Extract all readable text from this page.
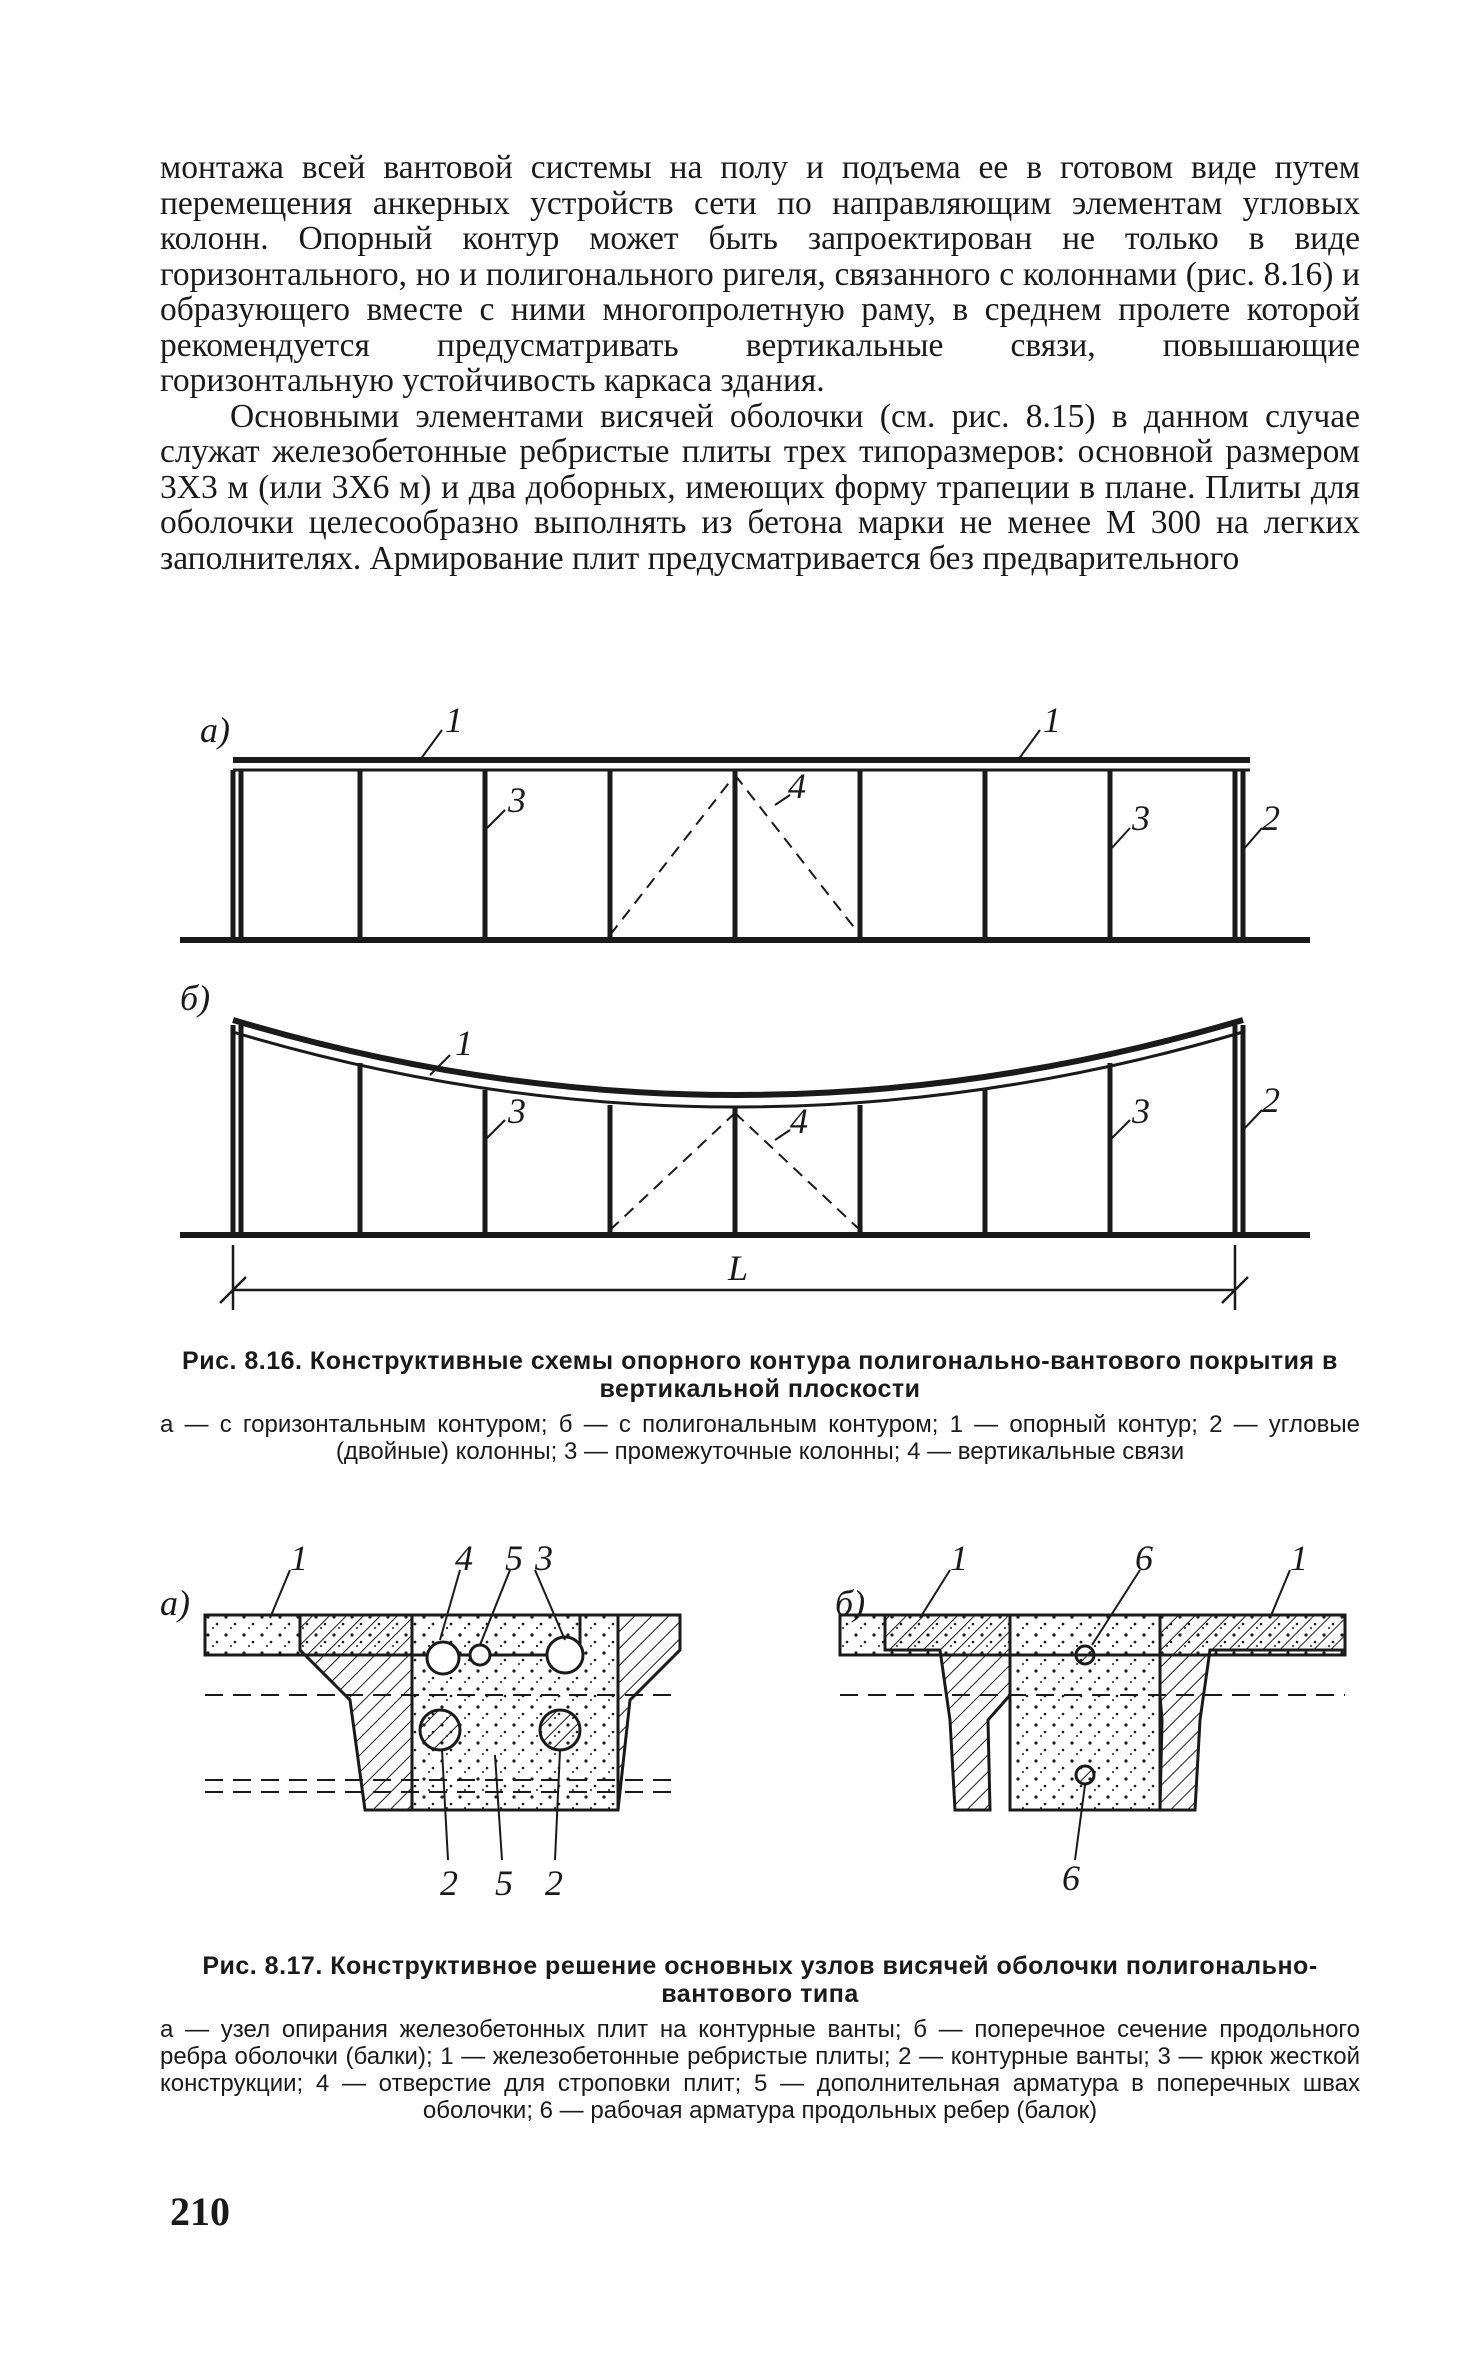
монтажа всей вантовой системы на полу и подъема ее в готовом виде путем перемещения анкерных устройств сети по направляющим элементам угловых колонн. Опорный контур может быть запроектирован не только в виде горизонтального, но и полигонального ригеля, связанного с колоннами (рис. 8.16) и образующего вместе с ними многопролетную раму, в среднем пролете которой рекомендуется предусматривать вертикальные связи, повышающие горизонтальную устойчивость каркаса здания.

Основными элементами висячей оболочки (см. рис. 8.15) в данном случае служат железобетонные ребристые плиты трех типоразмеров: основной размером 3Х3 м (или 3Х6 м) и два доборных, имеющих форму трапеции в плане. Плиты для оболочки целесообразно выполнять из бетона марки не менее М 300 на легких заполнителях. Армирование плит предусматривается без предварительного

а)	1	1
3	4
3	2
б)
1
3	4	3	2
L
Рис. 8.16. Конструктивные схемы опорного контура полигонально-вантового покрытия в вертикальной плоскости
а — с горизонтальным контуром; б — с полигональным контуром; 1 — опорный контур; 2 — угловые (двойные) колонны; 3 — промежуточные колонны; 4 — вертикальные связи
а)
1	4 5 3
2 5 2
б)
1	6	1
6
Рис. 8.17. Конструктивное решение основных узлов висячей оболочки полигонально-вантового типа
а — узел опирания железобетонных плит на контурные ванты; б — поперечное сечение продольного ребра оболочки (балки); 1 — железобетонные ребристые плиты; 2 — контурные ванты; 3 — крюк жесткой конструкции; 4 — отверстие для строповки плит; 5 — дополнительная арматура в поперечных швах оболочки; 6 — рабочая арматура продольных ребер (балок)
210
